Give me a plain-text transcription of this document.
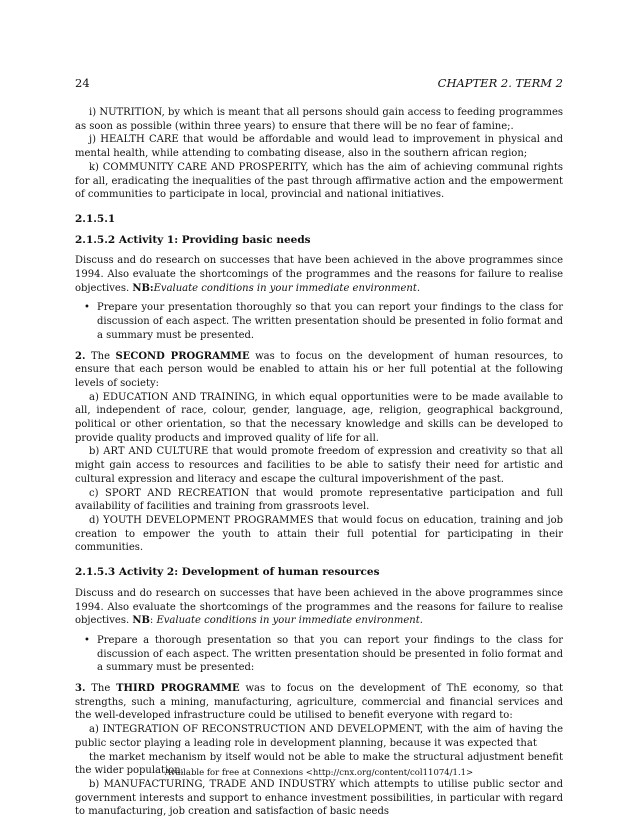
24	CHAPTER 2. TERM 2

i) NUTRITION, by which is meant that all persons should gain access to feeding programmes as soon as possible (within three years) to ensure that there will be no fear of famine;.

j) HEALTH CARE that would be affordable and would lead to improvement in physical and mental health, while attending to combating disease, also in the southern african region;

k) COMMUNITY CARE AND PROSPERITY, which has the aim of achieving communal rights for all, eradicating the inequalities of the past through affirmative action and the empowerment of communities to participate in local, provincial and national initiatives.

2.1.5.1
2.1.5.2 Activity 1: Providing basic needs

Discuss and do research on successes that have been achieved in the above programmes since 1994. Also evaluate the shortcomings of the programmes and the reasons for failure to realise objectives. NB:Evaluate conditions in your immediate environment.

• Prepare your presentation thoroughly so that you can report your findings to the class for discussion of each aspect. The written presentation should be presented in folio format and a summary must be presented.

2. The SECOND PROGRAMME was to focus on the development of human resources, to ensure that each person would be enabled to attain his or her full potential at the following levels of society:

a) EDUCATION AND TRAINING, in which equal opportunities were to be made available to all, independent of race, colour, gender, language, age, religion, geographical background, political or other orientation, so that the necessary knowledge and skills can be developed to provide quality products and improved quality of life for all.

b) ART AND CULTURE that would promote freedom of expression and creativity so that all might gain access to resources and facilities to be able to satisfy their need for artistic and cultural expression and literacy and escape the cultural impoverishment of the past.

c) SPORT AND RECREATION that would promote representative participation and full availability of facilities and training from grassroots level.

d) YOUTH DEVELOPMENT PROGRAMMES that would focus on education, training and job creation to empower the youth to attain their full potential for participating in their communities.

2.1.5.3 Activity 2: Development of human resources

Discuss and do research on successes that have been achieved in the above programmes since 1994. Also evaluate the shortcomings of the programmes and the reasons for failure to realise objectives. NB: Evaluate conditions in your immediate environment.

• Prepare a thorough presentation so that you can report your findings to the class for discussion of each aspect. The written presentation should be presented in folio format and a summary must be presented:

3. The THIRD PROGRAMME was to focus on the development of ThE economy, so that strengths, such a mining, manufacturing, agriculture, commercial and financial services and the well-developed infrastructure could be utilised to benefit everyone with regard to:

a) INTEGRATION OF RECONSTRUCTION AND DEVELOPMENT, with the aim of having the public sector playing a leading role in development planning, because it was expected that

the market mechanism by itself would not be able to make the structural adjustment benefit the wider population.

b) MANUFACTURING, TRADE AND INDUSTRY which attempts to utilise public sector and government interests and support to enhance investment possibilities, in particular with regard to manufacturing, job creation and satisfaction of basic needs

Available for free at Connexions <http://cnx.org/content/col11074/1.1>
